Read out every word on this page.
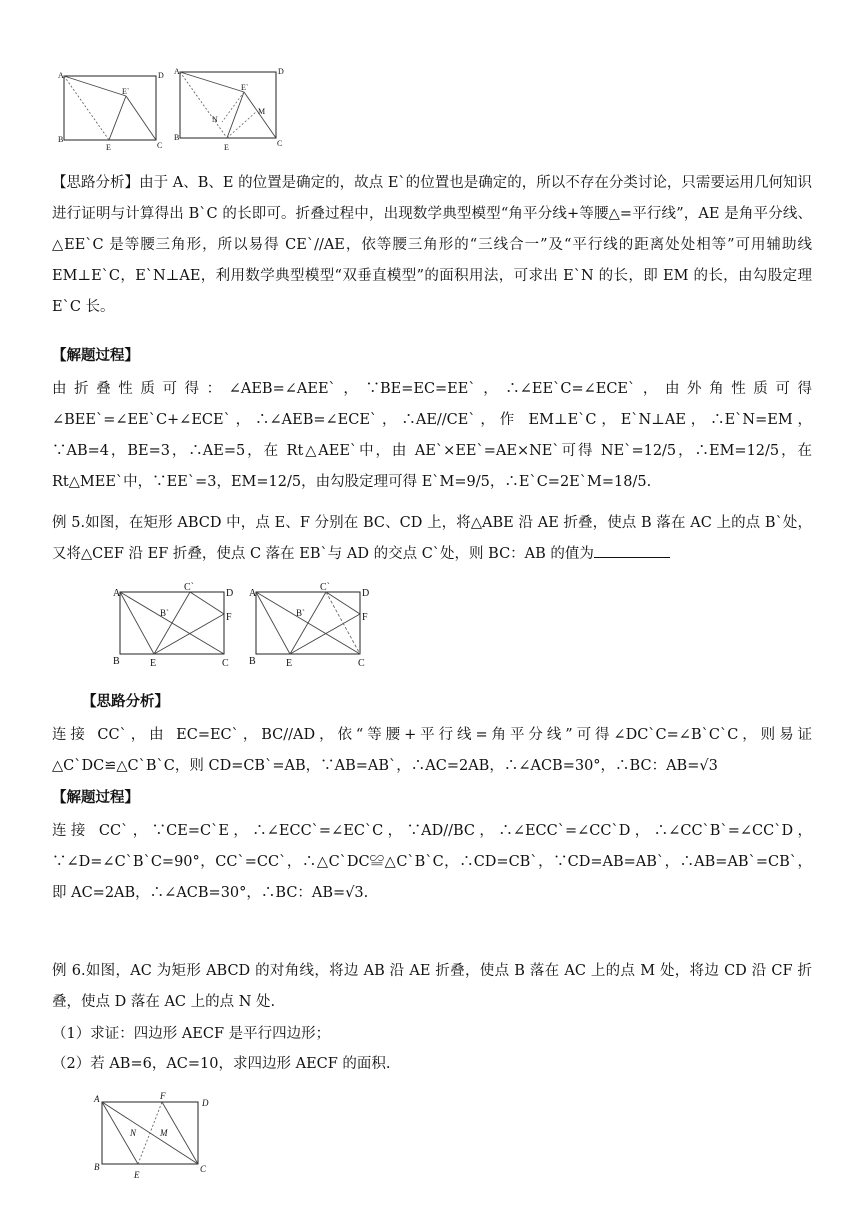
A	D
B
C
E
E`
A	D
B
C
E
E`
N
M

【思路分析】由于 A、B、E 的位置是确定的，故点 E`的位置也是确定的，所以不存在分类讨论，只需要运用几何知识进行证明与计算得出 B`C 的长即可。折叠过程中，出现数学典型模型“角平分线+等腰△=平行线”，AE 是角平分线、△EE`C 是等腰三角形，所以易得 CE`//AE，依等腰三角形的“三线合一”及“平行线的距离处处相等”可用辅助线 EM⊥E`C，E`N⊥AE，利用数学典型模型“双垂直模型”的面积用法，可求出 E`N 的长，即 EM 的长，由勾股定理 E`C 长。

【解题过程】

由折叠性质可得：∠AEB=∠AEE`，∵BE=EC=EE`，∴∠EE`C=∠ECE`，由外角性质可得∠BEE`=∠EE`C+∠ECE`，∴∠AEB=∠ECE`，∴AE//CE`，作 EM⊥E`C，E`N⊥AE，∴E`N=EM，∵AB=4，BE=3，∴AE=5，在 Rt△AEE`中，由 AE`×EE`=AE×NE`可得 NE`=12/5，∴EM=12/5，在 Rt△MEE`中，∵EE`=3，EM=12/5，由勾股定理可得 E`M=9/5，∴E`C=2E`M=18/5.

例 5.如图，在矩形 ABCD 中，点 E、F 分别在 BC、CD 上，将△ABE 沿 AE 折叠，使点 B 落在 AC 上的点 B`处，又将△CEF 沿 EF 折叠，使点 C 落在 EB`与 AD 的交点 C`处，则 BC：AB 的值为

A	D
B	C
E
F
B`
C`
A	D
B	C
E
F
B`
C`

【思路分析】

连接 CC`，由 EC=EC`，BC//AD，依“等腰+平行线=角平分线”可得∠DC`C=∠B`C`C，则易证△C`DC≌△C`B`C，则 CD=CB`=AB，∵AB=AB`，∴AC=2AB，∴∠ACB=30°，∴BC：AB=√3

【解题过程】

连接 CC`，∵CE=C`E，∴∠ECC`=∠EC`C，∵AD//BC，∴∠ECC`=∠CC`D，∴∠CC`B`=∠CC`D，∵∠D=∠C`B`C=90°，CC`=CC`，∴△C`DC≌△C`B`C，∴CD=CB`，∵CD=AB=AB`，∴AB=AB`=CB`，即 AC=2AB，∴∠ACB=30°，∴BC：AB=√3.

例 6.如图，AC 为矩形 ABCD 的对角线，将边 AB 沿 AE 折叠，使点 B 落在 AC 上的点 M 处，将边 CD 沿 CF 折叠，使点 D 落在 AC 上的点 N 处.

（1）求证：四边形 AECF 是平行四边形；

（2）若 AB=6，AC=10，求四边形 AECF 的面积.

A	D
B	C
E
F
N	M
